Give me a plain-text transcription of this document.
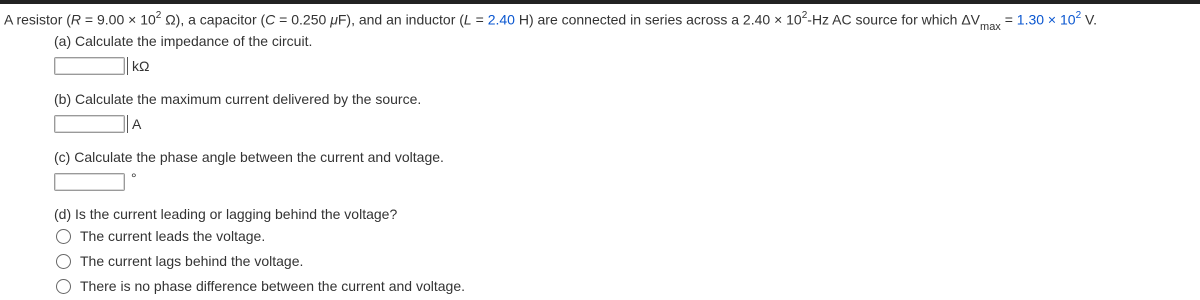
A resistor ($R = 9.00 \times 10^2$ Ω), a capacitor (C = 0.250 μF), and an inductor (L = 2.40 H) are connected in series across a $2.40 \times 10^2-Hz$ AC source for which $\Delta V_{max} = 1.30 \times 10^2$ V.
(a) Calculate the impedance of the circuit.
kΩ
(b) Calculate the maximum current delivered by the source.
A
(c) Calculate the phase angle between the current and voltage.
°
(d) Is the current leading or lagging behind the voltage?
The current leads the voltage.
The current lags behind the voltage.
There is no phase difference between the current and voltage.
